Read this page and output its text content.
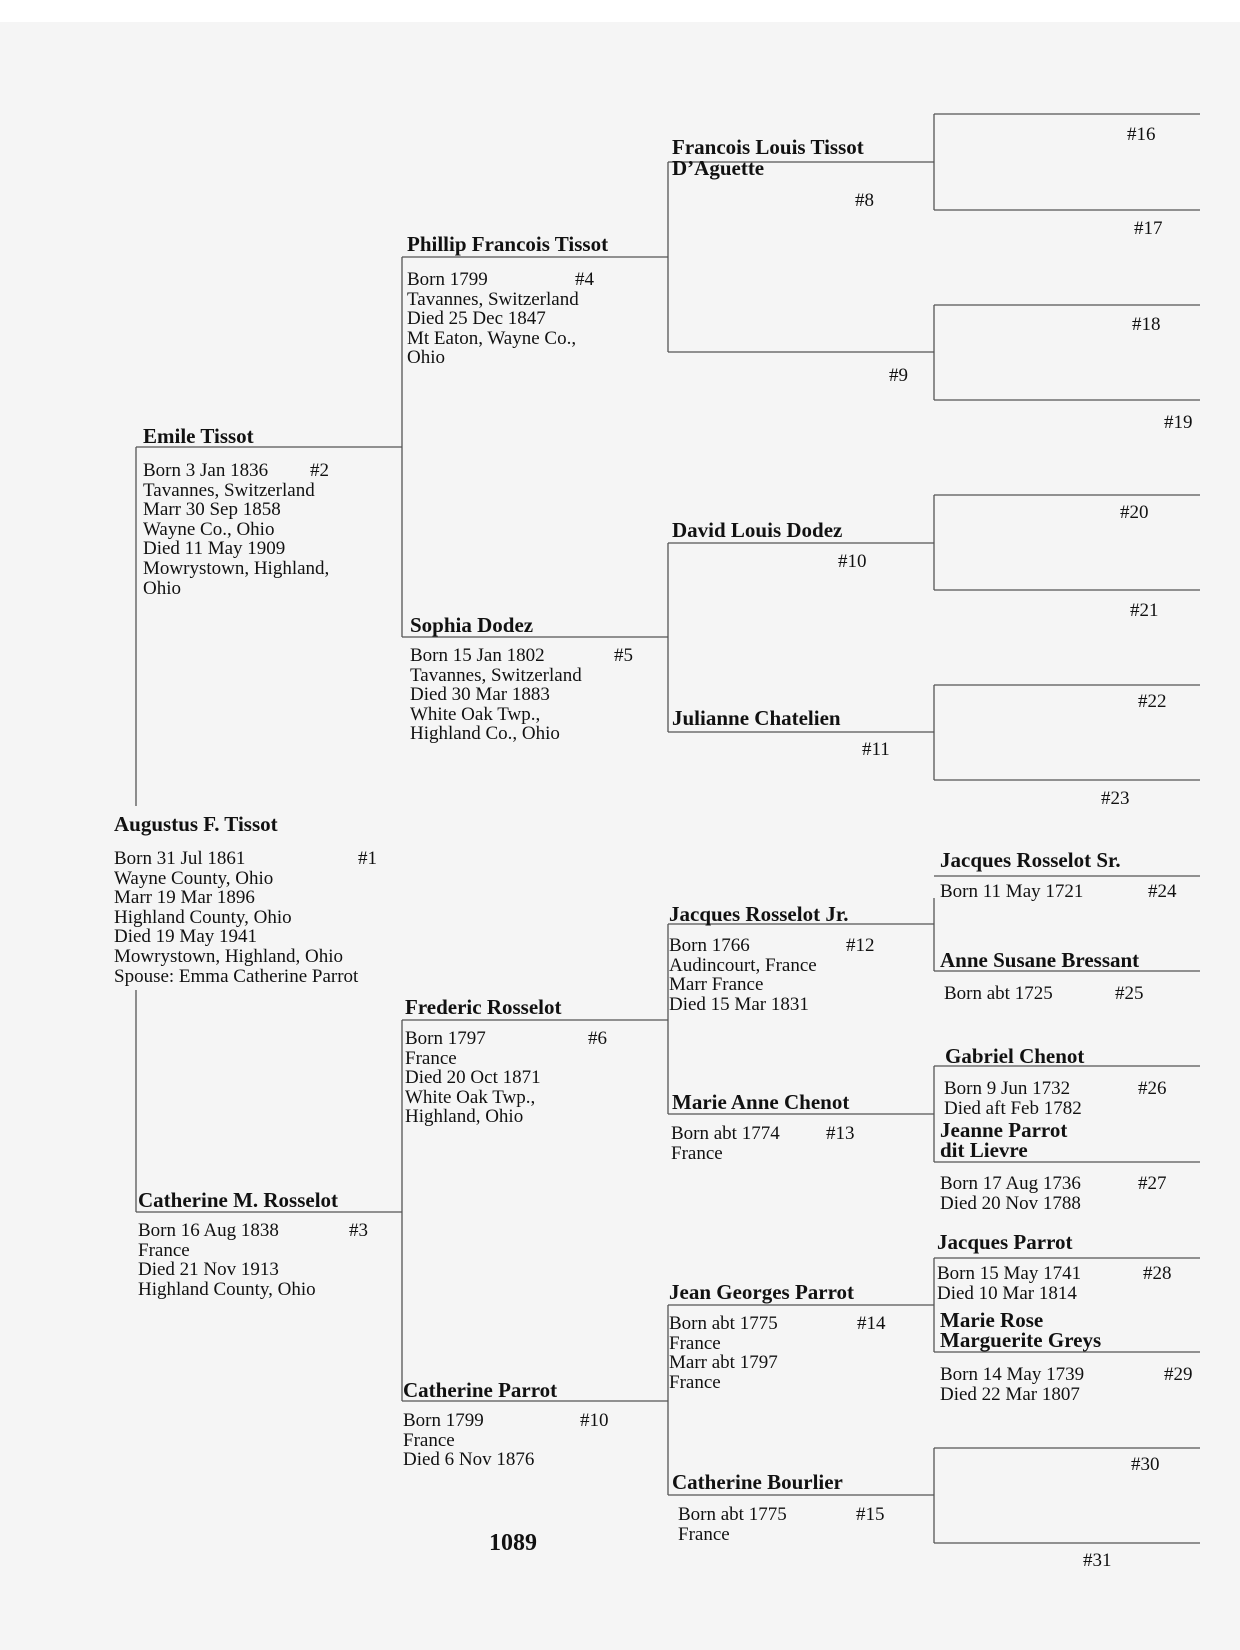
Augustus F. Tissot
Born 31 Jul 1861
Wayne County, Ohio
Marr 19 Mar 1896
Highland County, Ohio
Died 19 May 1941
Mowrystown, Highland, Ohio
Spouse: Emma Catherine Parrot
#1
Emile Tissot
Born 3 Jan 1836
Tavannes, Switzerland
Marr 30 Sep 1858
Wayne Co., Ohio
Died 11 May 1909
Mowrystown, Highland,
Ohio
#2
Catherine M. Rosselot
Born 16 Aug 1838
France
Died 21 Nov 1913
Highland County, Ohio
#3
Phillip Francois Tissot
Born 1799
Tavannes, Switzerland
Died 25 Dec 1847
Mt Eaton, Wayne Co.,
Ohio
#4
Sophia Dodez
Born 15 Jan 1802
Tavannes, Switzerland
Died 30 Mar 1883
White Oak Twp.,
Highland Co., Ohio
#5
Frederic Rosselot
Born 1797
France
Died 20 Oct 1871
White Oak Twp.,
Highland, Ohio
#6
Catherine Parrot
Born 1799
France
Died 6 Nov 1876
#10
Francois Louis Tissot
D’Aguette
#8
#9
David Louis Dodez
#10
Julianne Chatelien
#11
Jacques Rosselot Jr.
Born 1766
Audincourt, France
Marr France
Died 15 Mar 1831
#12
Marie Anne Chenot
Born abt 1774
France
#13
Jean Georges Parrot
Born abt 1775
France
Marr abt 1797
France
#14
Catherine Bourlier
Born abt 1775
France
#15
Jacques Rosselot Sr.
Born 11 May 1721	#24
Anne Susane Bressant
Born abt 1725	#25
Gabriel Chenot
Born 9 Jun 1732
Died aft Feb 1782
#26
Jeanne Parrot
dit Lievre
Born 17 Aug 1736
Died 20 Nov 1788
#27
Jacques Parrot
Born 15 May 1741
Died 10 Mar 1814
#28
Marie Rose
Marguerite Greys
Born 14 May 1739
Died 22 Mar 1807
#29
#16
#17
#18
#19
#20
#21
#22
#23
#30
#31
1089
